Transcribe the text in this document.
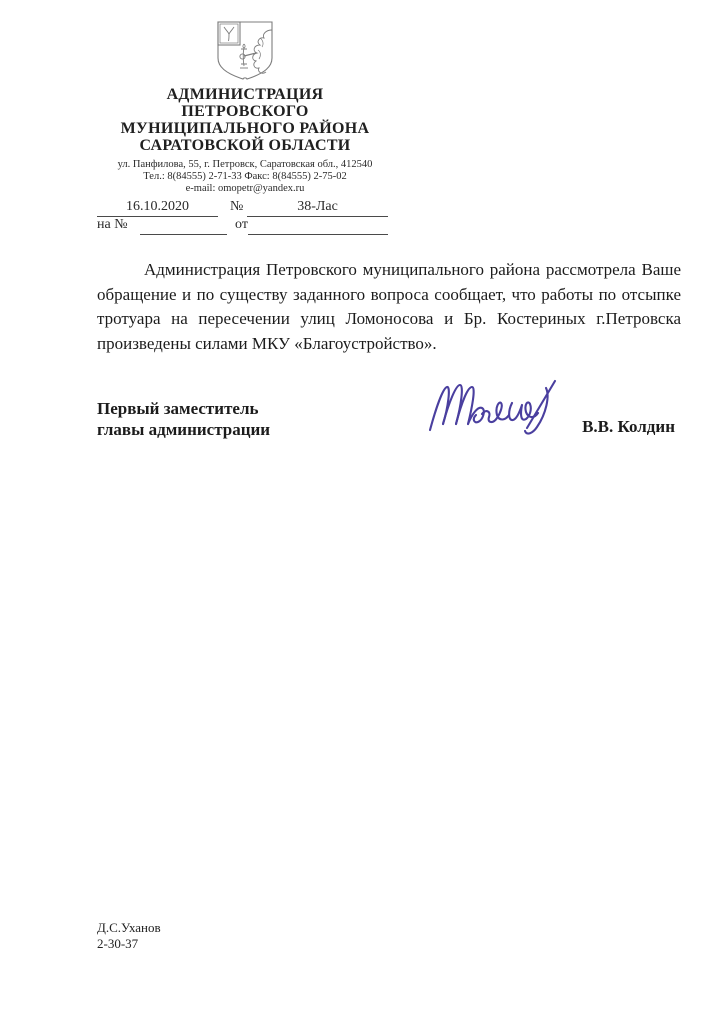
АДМИНИСТРАЦИЯ
ПЕТРОВСКОГО
МУНИЦИПАЛЬНОГО РАЙОНА
САРАТОВСКОЙ ОБЛАСТИ
ул. Панфилова, 55, г. Петровск, Саратовская обл., 412540
Тел.: 8(84555) 2-71-33 Факс: 8(84555) 2-75-02
e-mail: omopetr@yandex.ru
16.10.2020	№	38-Лас
на №	от
Администрация Петровского муниципального района рассмотрела Ваше обращение и по существу заданного вопроса сообщает, что работы по отсыпке тротуара на пересечении улиц Ломоносова и Бр. Костериных г.Петровска произведены силами МКУ «Благоустройство».
Первый заместитель
главы администрации	В.В. Колдин
Д.С.Уханов
2-30-37
